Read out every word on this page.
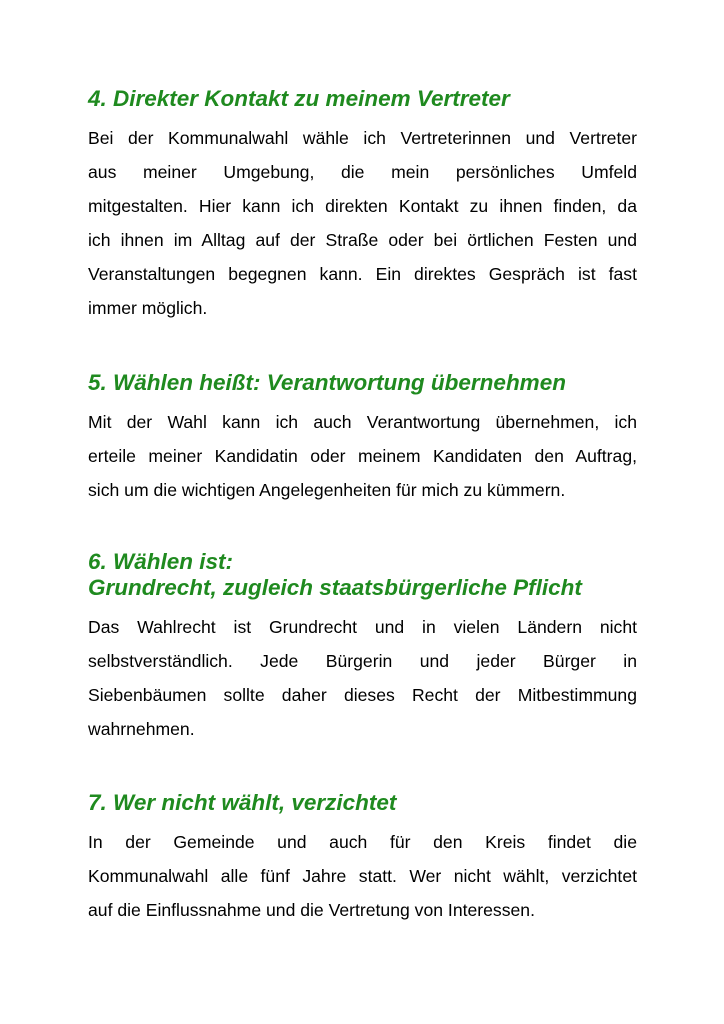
4. Direkter Kontakt zu meinem Vertreter

Bei der Kommunalwahl wähle ich Vertreterinnen und Vertreter
aus meiner Umgebung, die mein persönliches Umfeld
mitgestalten. Hier kann ich direkten Kontakt zu ihnen finden, da
ich ihnen im Alltag auf der Straße oder bei örtlichen Festen und
Veranstaltungen begegnen kann. Ein direktes Gespräch ist fast
immer möglich.

5. Wählen heißt: Verantwortung übernehmen

Mit der Wahl kann ich auch Verantwortung übernehmen, ich
erteile meiner Kandidatin oder meinem Kandidaten den Auftrag,
sich um die wichtigen Angelegenheiten für mich zu kümmern.

6. Wählen ist:
Grundrecht, zugleich staatsbürgerliche Pflicht

Das Wahlrecht ist Grundrecht und in vielen Ländern nicht
selbstverständlich. Jede Bürgerin und jeder Bürger in
Siebenbäumen sollte daher dieses Recht der Mitbestimmung
wahrnehmen.

7. Wer nicht wählt, verzichtet

In der Gemeinde und auch für den Kreis findet die
Kommunalwahl alle fünf Jahre statt. Wer nicht wählt, verzichtet
auf die Einflussnahme und die Vertretung von Interessen.
